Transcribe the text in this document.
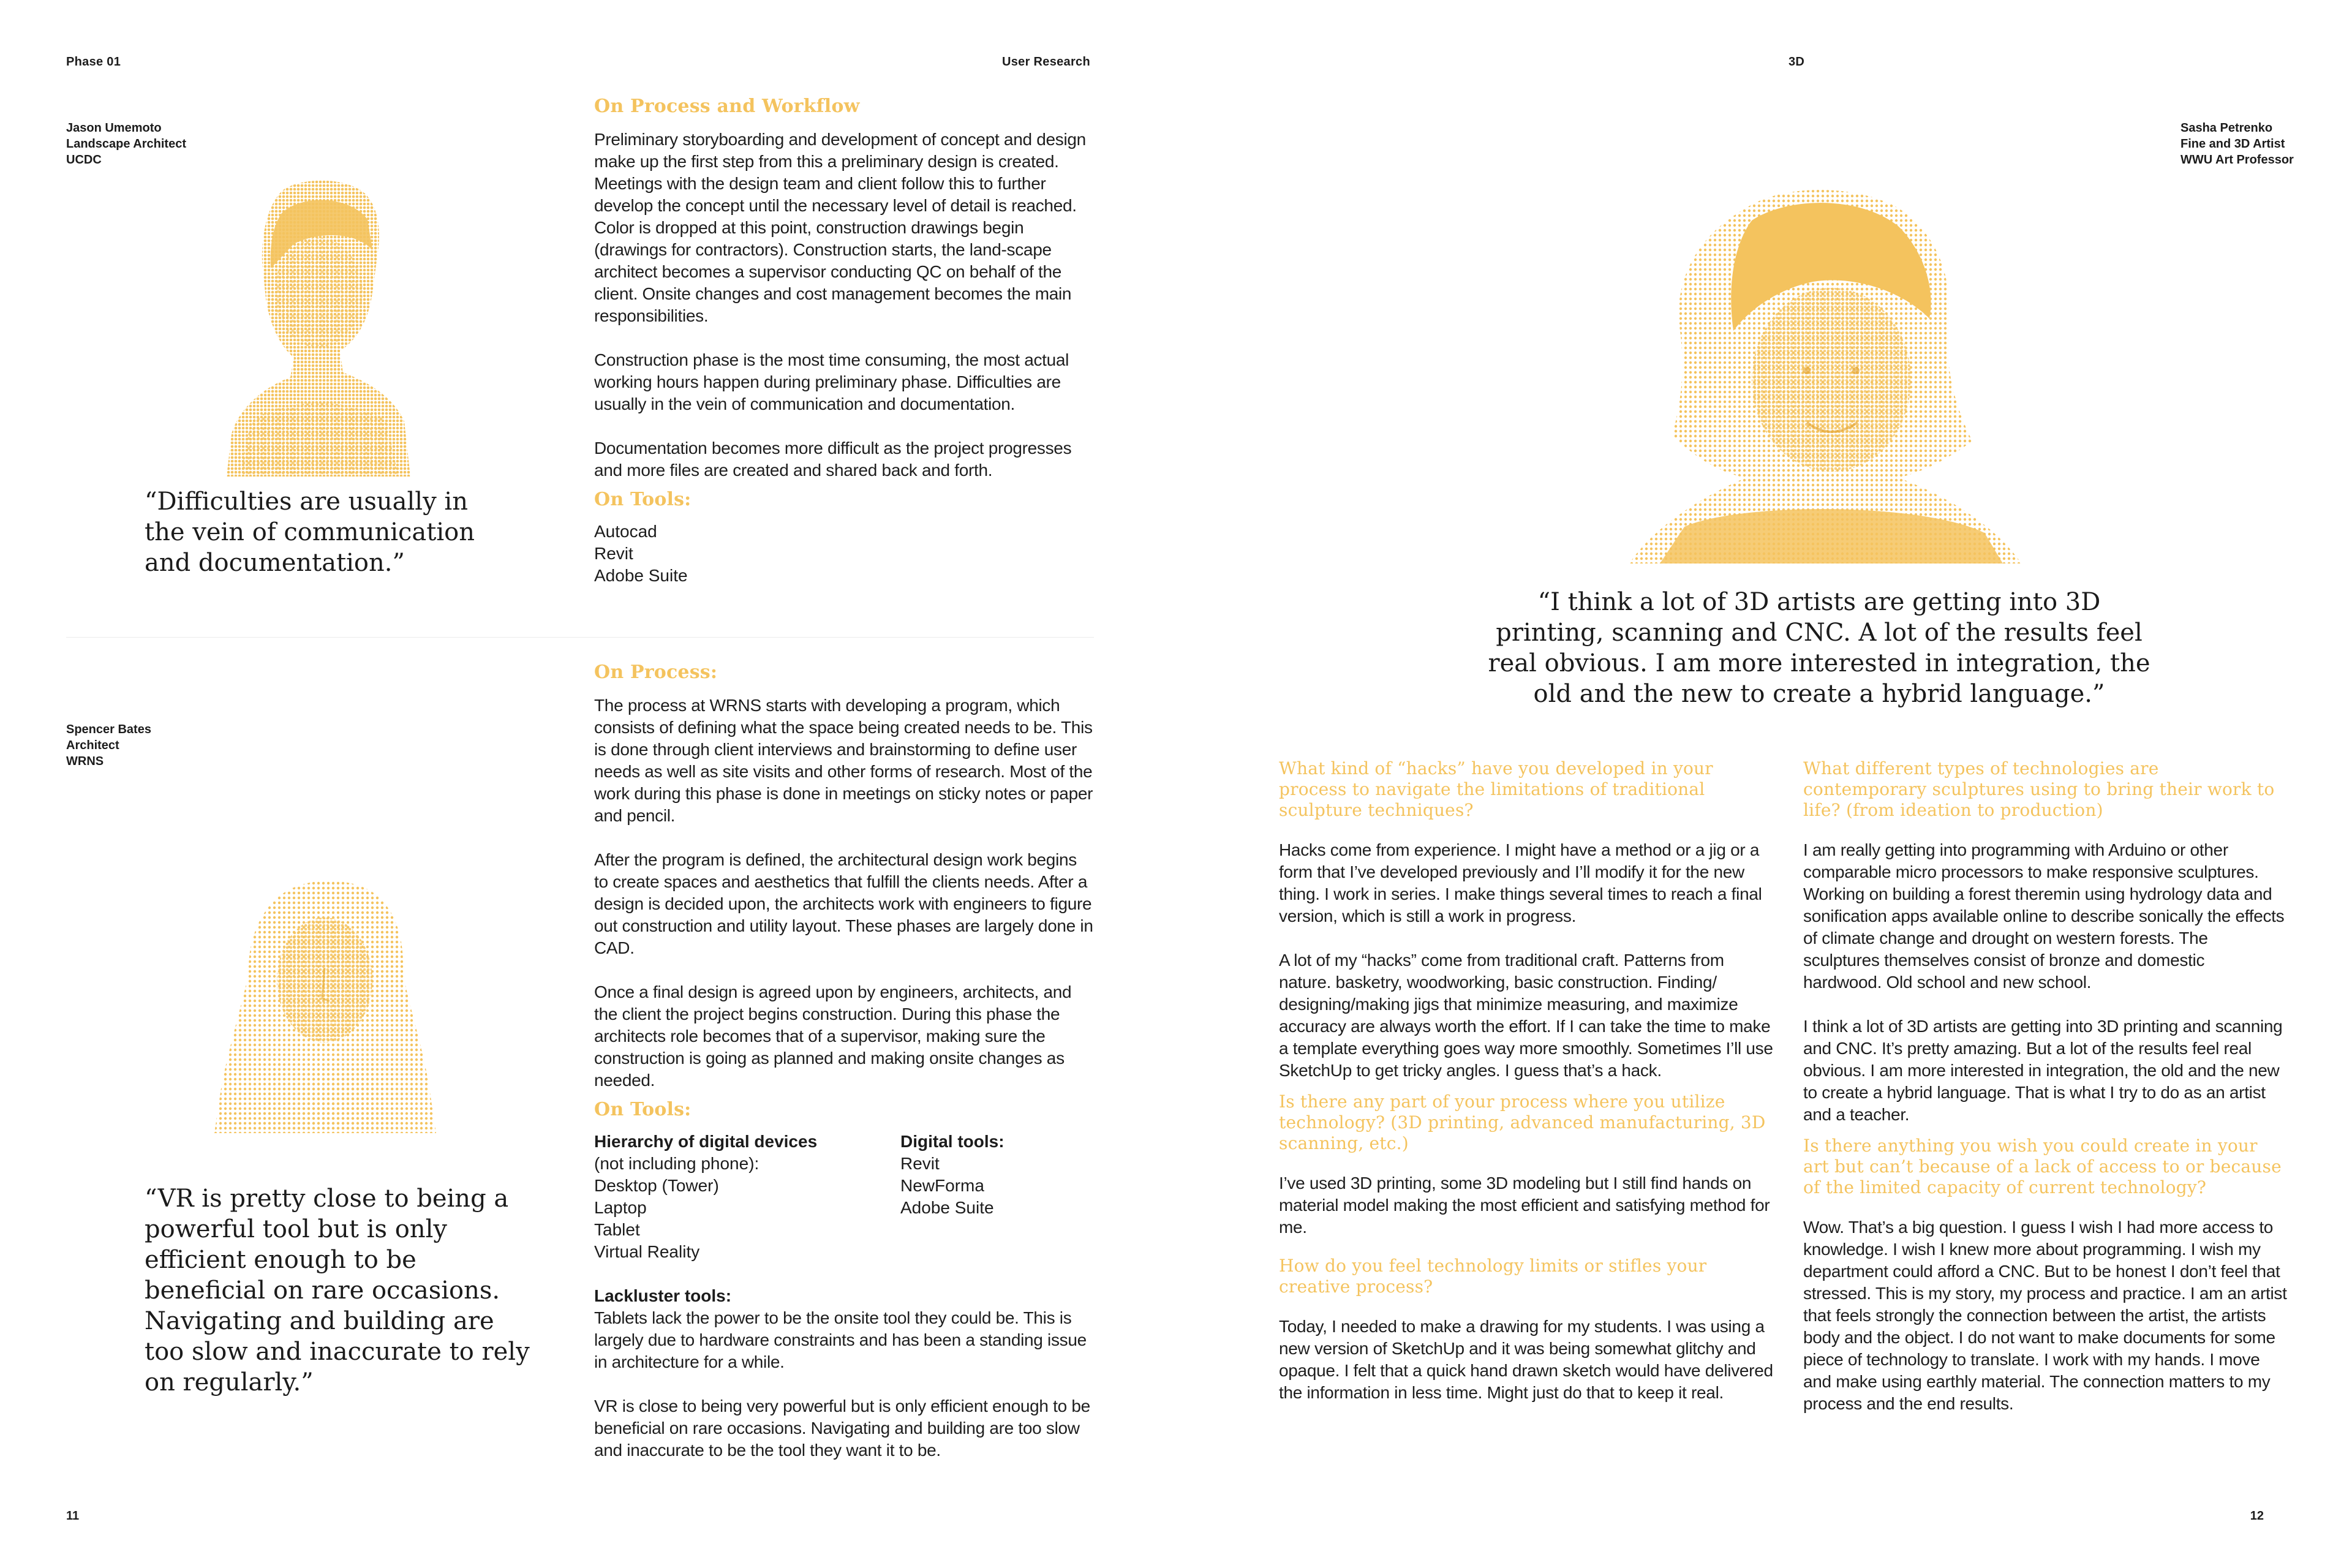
Phase 01	User Research
Jason Umemoto
Landscape Architect
UCDC

“Difficulties are usually in the vein of communication and documentation.”

On Process and Workflow

Preliminary storyboarding and development of concept and design make up the first step from this a preliminary design is created. Meetings with the design team and client follow this to further develop the concept until the necessary level of detail is reached. Color is dropped at this point, construction drawings begin (drawings for contractors). Construction starts, the land-scape architect becomes a supervisor conducting QC on behalf of the client. Onsite changes and cost management becomes the main responsibilities.

Construction phase is the most time consuming, the most actual working hours happen during preliminary phase. Difficulties are usually in the vein of communication and documentation.

Documentation becomes more difficult as the project progresses and more files are created and shared back and forth.

On Tools:

Autocad

Revit

Adobe Suite

Spencer Bates
Architect
WRNS

“VR is pretty close to being a powerful tool but is only efficient enough to be beneficial on rare occasions. Navigating and building are too slow and inaccurate to rely on regularly.”

On Process:

The process at WRNS starts with developing a program, which consists of defining what the space being created needs to be. This is done through client interviews and brainstorming to define user needs as well as site visits and other forms of research. Most of the work during this phase is done in meetings on sticky notes or paper and pencil.

After the program is defined, the architectural design work begins to create spaces and aesthetics that fulfill the clients needs. After a design is decided upon, the architects work with engineers to figure out construction and utility layout. These phases are largely done in CAD.

Once a final design is agreed upon by engineers, architects, and the client the project begins construction. During this phase the architects role becomes that of a supervisor, making sure the construction is going as planned and making onsite changes as needed.

On Tools:

Hierarchy of digital devices

(not including phone):

Desktop (Tower)

Laptop

Tablet

Virtual Reality

Digital tools:

Revit

NewForma

Adobe Suite

Lackluster tools:

Tablets lack the power to be the onsite tool they could be. This is largely due to hardware constraints and has been a standing issue in architecture for a while.

VR is close to being very powerful but is only efficient enough to be beneficial on rare occasions. Navigating and building are too slow and inaccurate to be the tool they want it to be.

11
3D
Sasha Petrenko
Fine and 3D Artist
WWU Art Professor

“I think a lot of 3D artists are getting into 3D printing, scanning and CNC. A lot of the results feel real obvious. I am more interested in integration, the old and the new to create a hybrid language.”

What kind of “hacks” have you developed in your process to navigate the limitations of traditional sculpture techniques?

Hacks come from experience. I might have a method or a jig or a form that I’ve developed previously and I’ll modify it for the new thing. I work in series. I make things several times to reach a final version, which is still a work in progress.

A lot of my “hacks” come from traditional craft. Patterns from nature. basketry, woodworking, basic construction. Finding/ designing/making jigs that minimize measuring, and maximize accuracy are always worth the effort. If I can take the time to make a template everything goes way more smoothly. Sometimes I’ll use SketchUp to get tricky angles. I guess that’s a hack.

Is there any part of your process where you utilize technology? (3D printing, advanced manufacturing, 3D scanning, etc.)

I’ve used 3D printing, some 3D modeling but I still find hands on material model making the most efficient and satisfying method for me.

How do you feel technology limits or stifles your creative process?

Today, I needed to make a drawing for my students. I was using a new version of SketchUp and it was being somewhat glitchy and opaque. I felt that a quick hand drawn sketch would have delivered the information in less time. Might just do that to keep it real.

What different types of technologies are contemporary sculptures using to bring their work to life? (from ideation to production)

I am really getting into programming with Arduino or other comparable micro processors to make responsive sculptures. Working on building a forest theremin using hydrology data and sonification apps available online to describe sonically the effects of climate change and drought on western forests. The sculptures themselves consist of bronze and domestic hardwood. Old school and new school.

I think a lot of 3D artists are getting into 3D printing and scanning and CNC. It’s pretty amazing. But a lot of the results feel real obvious. I am more interested in integration, the old and the new to create a hybrid language. That is what I try to do as an artist and a teacher.

Is there anything you wish you could create in your art but can’t because of a lack of access to or because of the limited capacity of current technology?

Wow. That’s a big question. I guess I wish I had more access to knowledge. I wish I knew more about programming. I wish my department could afford a CNC. But to be honest I don’t feel that stressed. This is my story, my process and practice. I am an artist that feels strongly the connection between the artist, the artists body and the object. I do not want to make documents for some piece of technology to translate. I work with my hands. I move and make using earthly material. The connection matters to my process and the end results.

12
